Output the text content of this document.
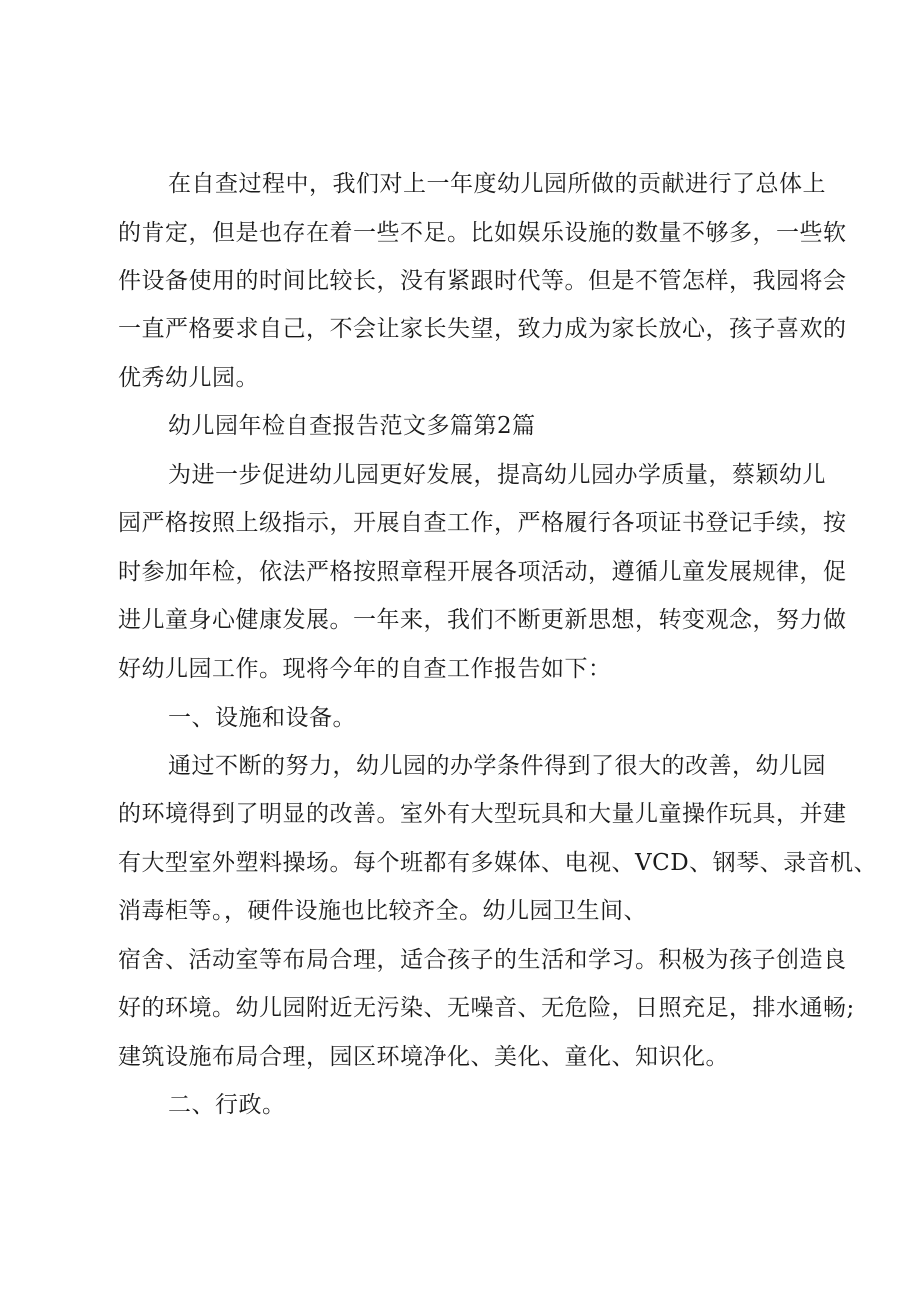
在自查过程中，我们对上一年度幼儿园所做的贡献进行了总体上
的肯定，但是也存在着一些不足。比如娱乐设施的数量不够多，一些软
件设备使用的时间比较长，没有紧跟时代等。但是不管怎样，我园将会
一直严格要求自己，不会让家长失望，致力成为家长放心，孩子喜欢的
优秀幼儿园。
幼儿园年检自查报告范文多篇第2篇
为进一步促进幼儿园更好发展，提高幼儿园办学质量，蔡颖幼儿
园严格按照上级指示，开展自查工作，严格履行各项证书登记手续，按
时参加年检，依法严格按照章程开展各项活动，遵循儿童发展规律，促
进儿童身心健康发展。一年来，我们不断更新思想，转变观念，努力做
好幼儿园工作。现将今年的自查工作报告如下：
一、设施和设备。
通过不断的努力，幼儿园的办学条件得到了很大的改善，幼儿园
的环境得到了明显的改善。室外有大型玩具和大量儿童操作玩具，并建
有大型室外塑料操场。每个班都有多媒体、电视、VCD、钢琴、录音机、
消毒柜等。，硬件设施也比较齐全。幼儿园卫生间、
宿舍、活动室等布局合理，适合孩子的生活和学习。积极为孩子创造良
好的环境。幼儿园附近无污染、无噪音、无危险，日照充足，排水通畅;
建筑设施布局合理，园区环境净化、美化、童化、知识化。
二、行政。
